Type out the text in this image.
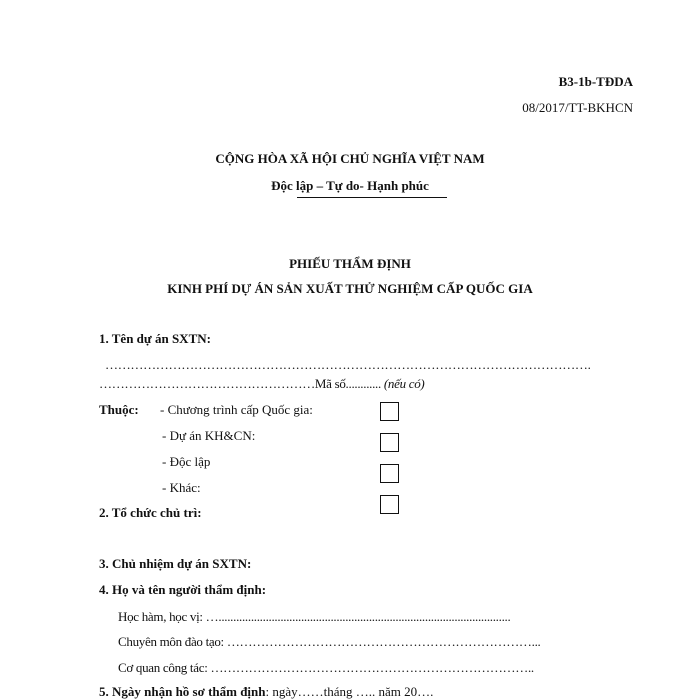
B3-1b-TĐDA
08/2017/TT-BKHCN
CỘNG HÒA XÃ HỘI CHỦ NGHĨA VIỆT NAM
Độc lập – Tự do- Hạnh phúc
PHIẾU THẨM ĐỊNH
KINH PHÍ DỰ ÁN SẢN XUẤT THỬ NGHIỆM CẤP QUỐC GIA
1. Tên dự án SXTN:
…………………………………………………………………………………………………….
……………………………………………Mã số............ (nếu có)
Thuộc: - Chương trình cấp Quốc gia:
- Dự án KH&CN:
- Độc lập
- Khác:
2. Tổ chức chủ trì:
3. Chủ nhiệm dự án SXTN:
4. Họ và tên người thẩm định:
Học hàm, học vị: …...................................................................................................
Chuyên môn đào tạo: ………………………………………………………………...
Cơ quan công tác: …………………………………………………………………..
5. Ngày nhận hồ sơ thẩm định: ngày……tháng ….. năm 20….
